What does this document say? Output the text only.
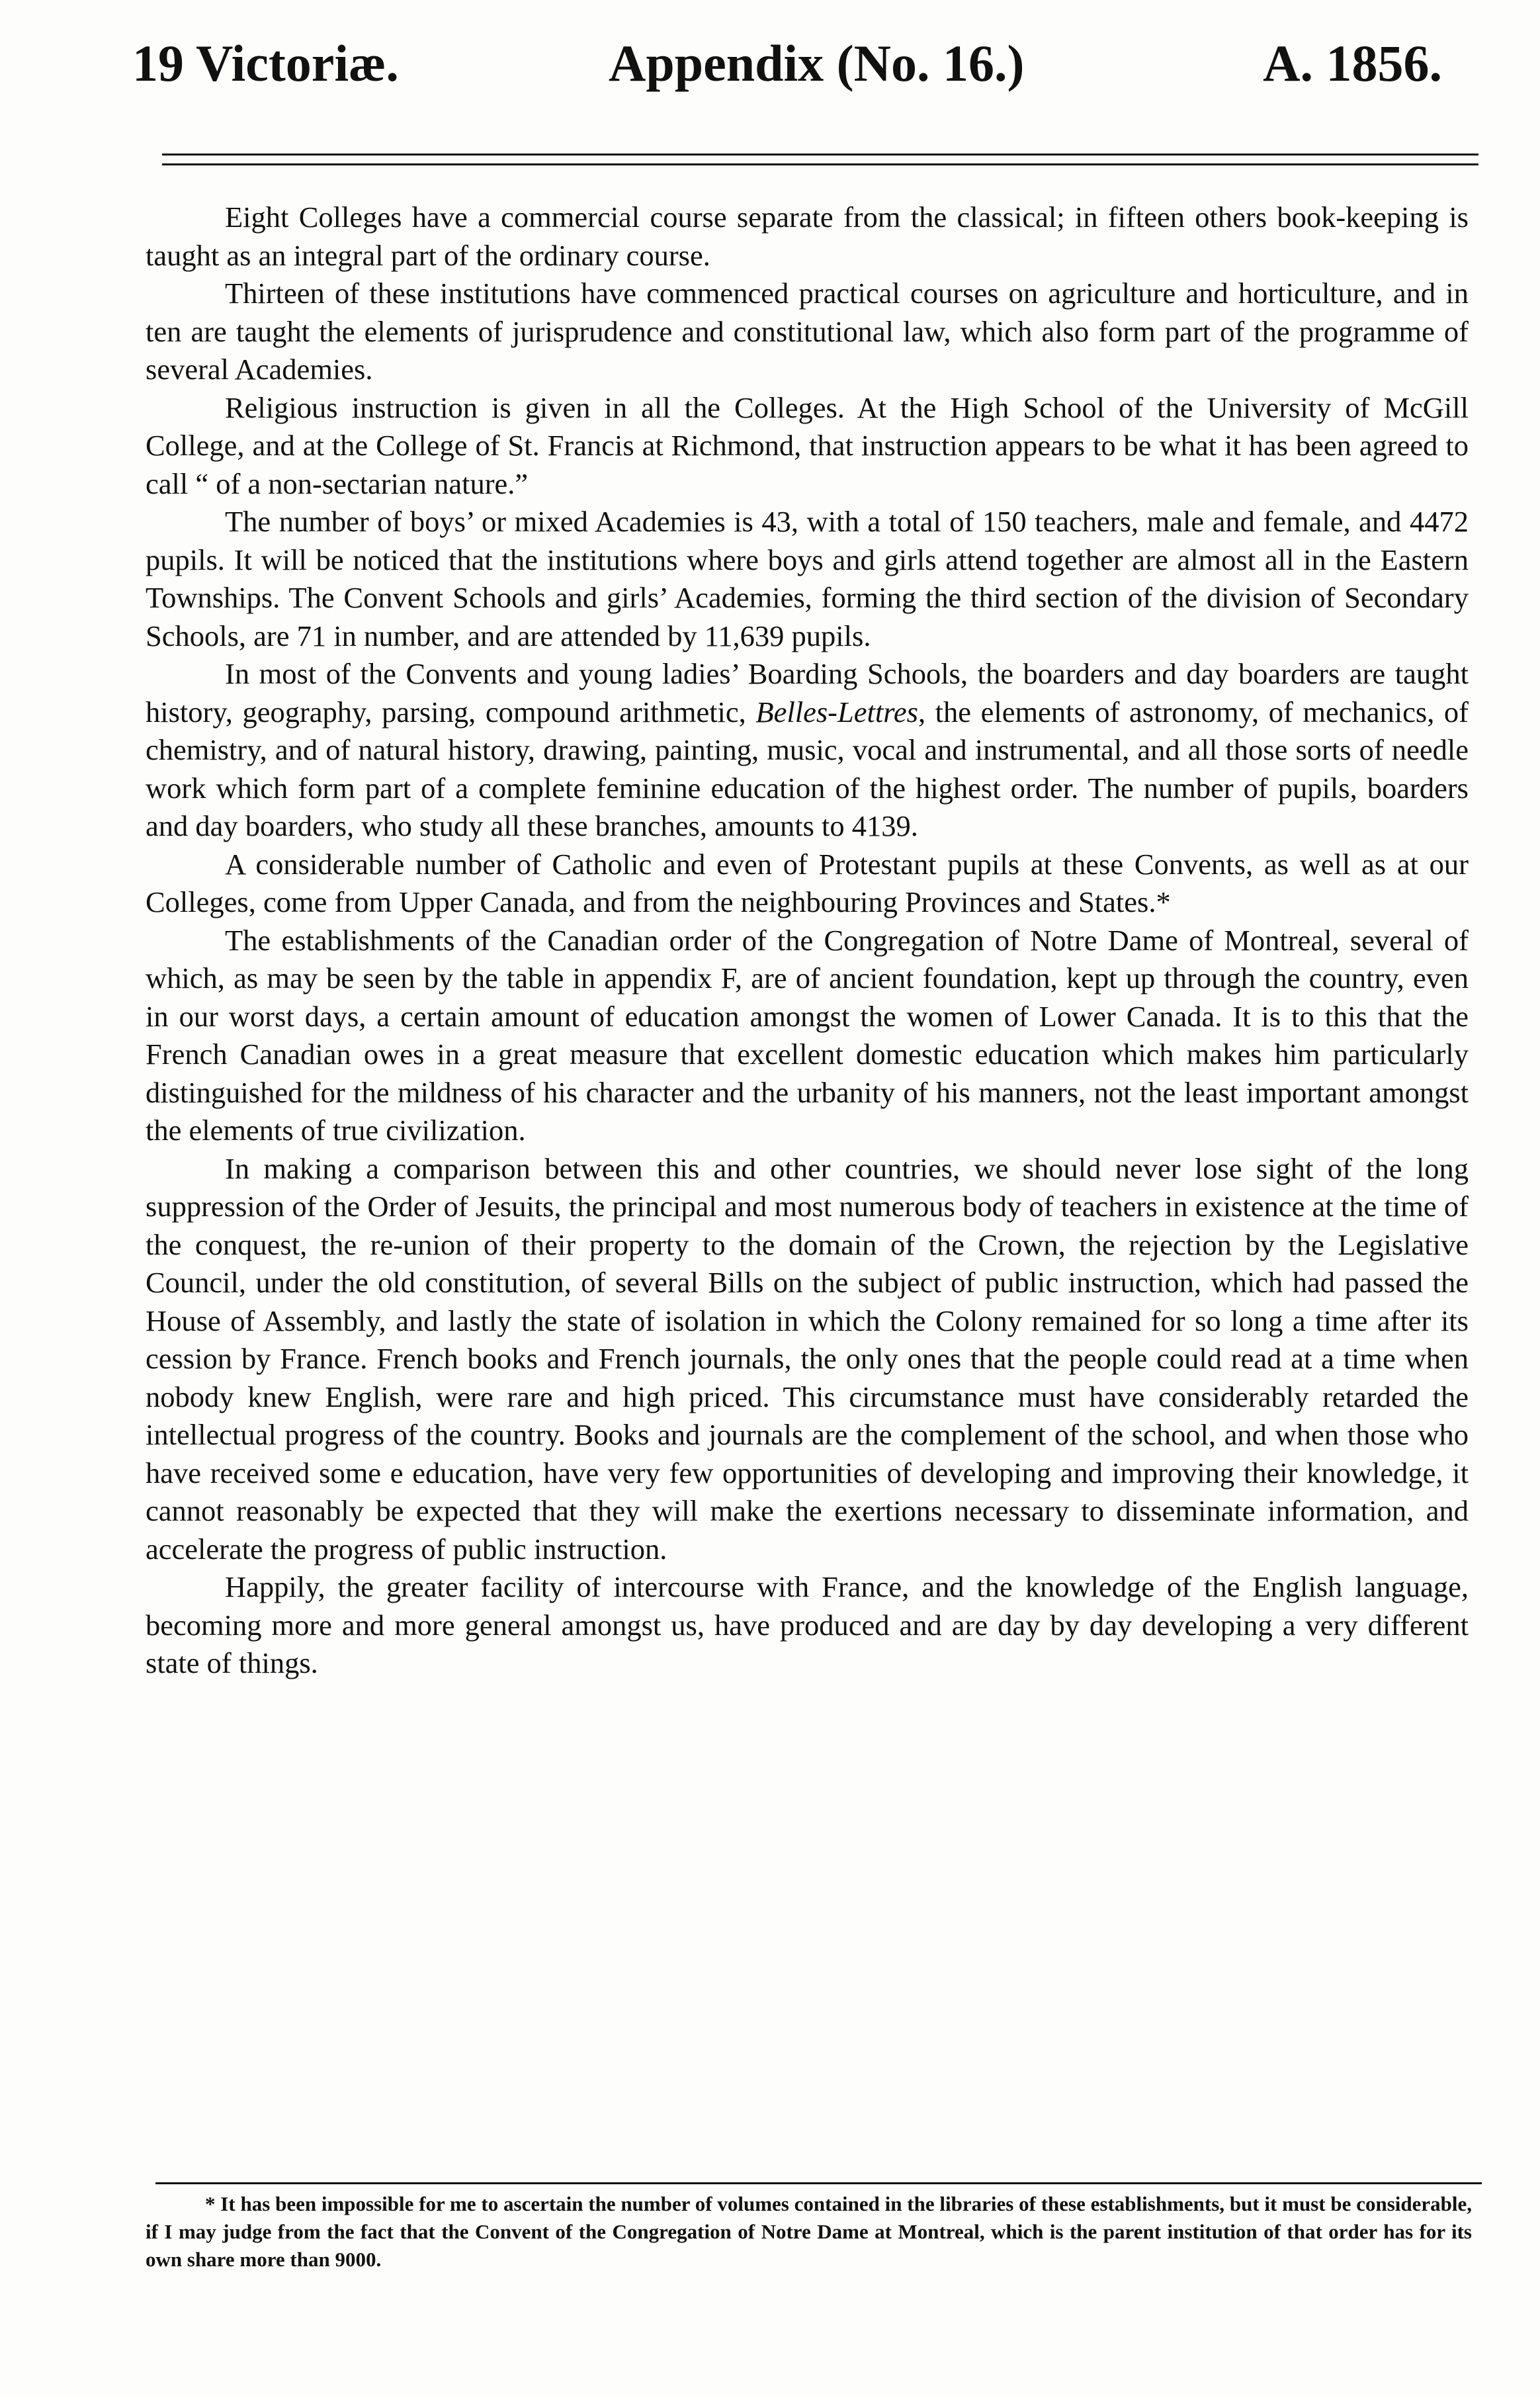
19 Victoriæ.	Appendix (No. 16.)	A. 1856.

Eight Colleges have a commercial course separate from the classical; in fifteen others book-keeping is taught as an integral part of the ordinary course.

Thirteen of these institutions have commenced practical courses on agriculture and horticulture, and in ten are taught the elements of jurisprudence and constitutional law, which also form part of the programme of several Academies.

Religious instruction is given in all the Colleges. At the High School of the University of McGill College, and at the College of St. Francis at Richmond, that instruction appears to be what it has been agreed to call “ of a non-sectarian nature.”

The number of boys’ or mixed Academies is 43, with a total of 150 teachers, male and female, and 4472 pupils. It will be noticed that the institutions where boys and girls attend together are almost all in the Eastern Townships. The Convent Schools and girls’ Academies, forming the third section of the division of Secondary Schools, are 71 in number, and are attended by 11,639 pupils.

In most of the Convents and young ladies’ Boarding Schools, the boarders and day boarders are taught history, geography, parsing, compound arithmetic, Belles-Lettres, the elements of astronomy, of mechanics, of chemistry, and of natural history, drawing, painting, music, vocal and instrumental, and all those sorts of needle work which form part of a complete feminine education of the highest order. The number of pupils, boarders and day boarders, who study all these branches, amounts to 4139.

A considerable number of Catholic and even of Protestant pupils at these Convents, as well as at our Colleges, come from Upper Canada, and from the neighbouring Provinces and States.*

The establishments of the Canadian order of the Congregation of Notre Dame of Montreal, several of which, as may be seen by the table in appendix F, are of ancient foundation, kept up through the country, even in our worst days, a certain amount of education amongst the women of Lower Canada. It is to this that the French Canadian owes in a great measure that excellent domestic education which makes him particularly distinguished for the mildness of his character and the urbanity of his manners, not the least important amongst the elements of true civilization.

In making a comparison between this and other countries, we should never lose sight of the long suppression of the Order of Jesuits, the principal and most numerous body of teachers in existence at the time of the conquest, the re-union of their property to the domain of the Crown, the rejection by the Legislative Council, under the old constitution, of several Bills on the subject of public instruction, which had passed the House of Assembly, and lastly the state of isolation in which the Colony remained for so long a time after its cession by France. French books and French journals, the only ones that the people could read at a time when nobody knew English, were rare and high priced. This circumstance must have considerably retarded the intellectual progress of the country. Books and journals are the complement of the school, and when those who have received some e education, have very few opportunities of developing and improving their knowledge, it cannot reasonably be expected that they will make the exertions necessary to disseminate information, and accelerate the progress of public instruction.

Happily, the greater facility of intercourse with France, and the knowledge of the English language, becoming more and more general amongst us, have produced and are day by day developing a very different state of things.

* It has been impossible for me to ascertain the number of volumes contained in the libraries of these establishments, but it must be considerable, if I may judge from the fact that the Convent of the Congregation of Notre Dame at Montreal, which is the parent institution of that order has for its own share more than 9000.
